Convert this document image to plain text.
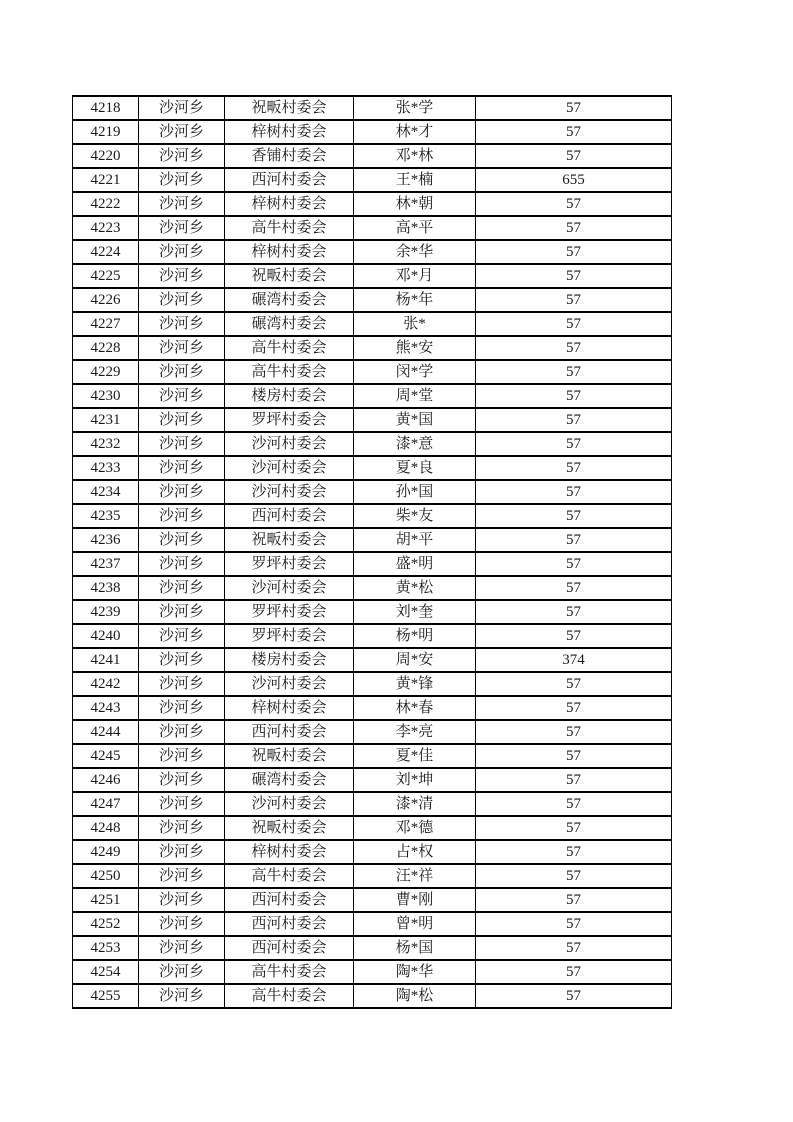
4218	沙河乡	祝畈村委会	张*学	57
4219	沙河乡	梓树村委会	林*才	57
4220	沙河乡	香铺村委会	邓*林	57
4221	沙河乡	西河村委会	王*楠	655
4222	沙河乡	梓树村委会	林*朝	57
4223	沙河乡	高牛村委会	高*平	57
4224	沙河乡	梓树村委会	余*华	57
4225	沙河乡	祝畈村委会	邓*月	57
4226	沙河乡	碾湾村委会	杨*年	57
4227	沙河乡	碾湾村委会	张*	57
4228	沙河乡	高牛村委会	熊*安	57
4229	沙河乡	高牛村委会	闵*学	57
4230	沙河乡	楼房村委会	周*堂	57
4231	沙河乡	罗坪村委会	黄*国	57
4232	沙河乡	沙河村委会	漆*意	57
4233	沙河乡	沙河村委会	夏*良	57
4234	沙河乡	沙河村委会	孙*国	57
4235	沙河乡	西河村委会	柴*友	57
4236	沙河乡	祝畈村委会	胡*平	57
4237	沙河乡	罗坪村委会	盛*明	57
4238	沙河乡	沙河村委会	黄*松	57
4239	沙河乡	罗坪村委会	刘*奎	57
4240	沙河乡	罗坪村委会	杨*明	57
4241	沙河乡	楼房村委会	周*安	374
4242	沙河乡	沙河村委会	黄*锋	57
4243	沙河乡	梓树村委会	林*春	57
4244	沙河乡	西河村委会	李*亮	57
4245	沙河乡	祝畈村委会	夏*佳	57
4246	沙河乡	碾湾村委会	刘*坤	57
4247	沙河乡	沙河村委会	漆*清	57
4248	沙河乡	祝畈村委会	邓*德	57
4249	沙河乡	梓树村委会	占*权	57
4250	沙河乡	高牛村委会	汪*祥	57
4251	沙河乡	西河村委会	曹*刚	57
4252	沙河乡	西河村委会	曾*明	57
4253	沙河乡	西河村委会	杨*国	57
4254	沙河乡	高牛村委会	陶*华	57
4255	沙河乡	高牛村委会	陶*松	57
